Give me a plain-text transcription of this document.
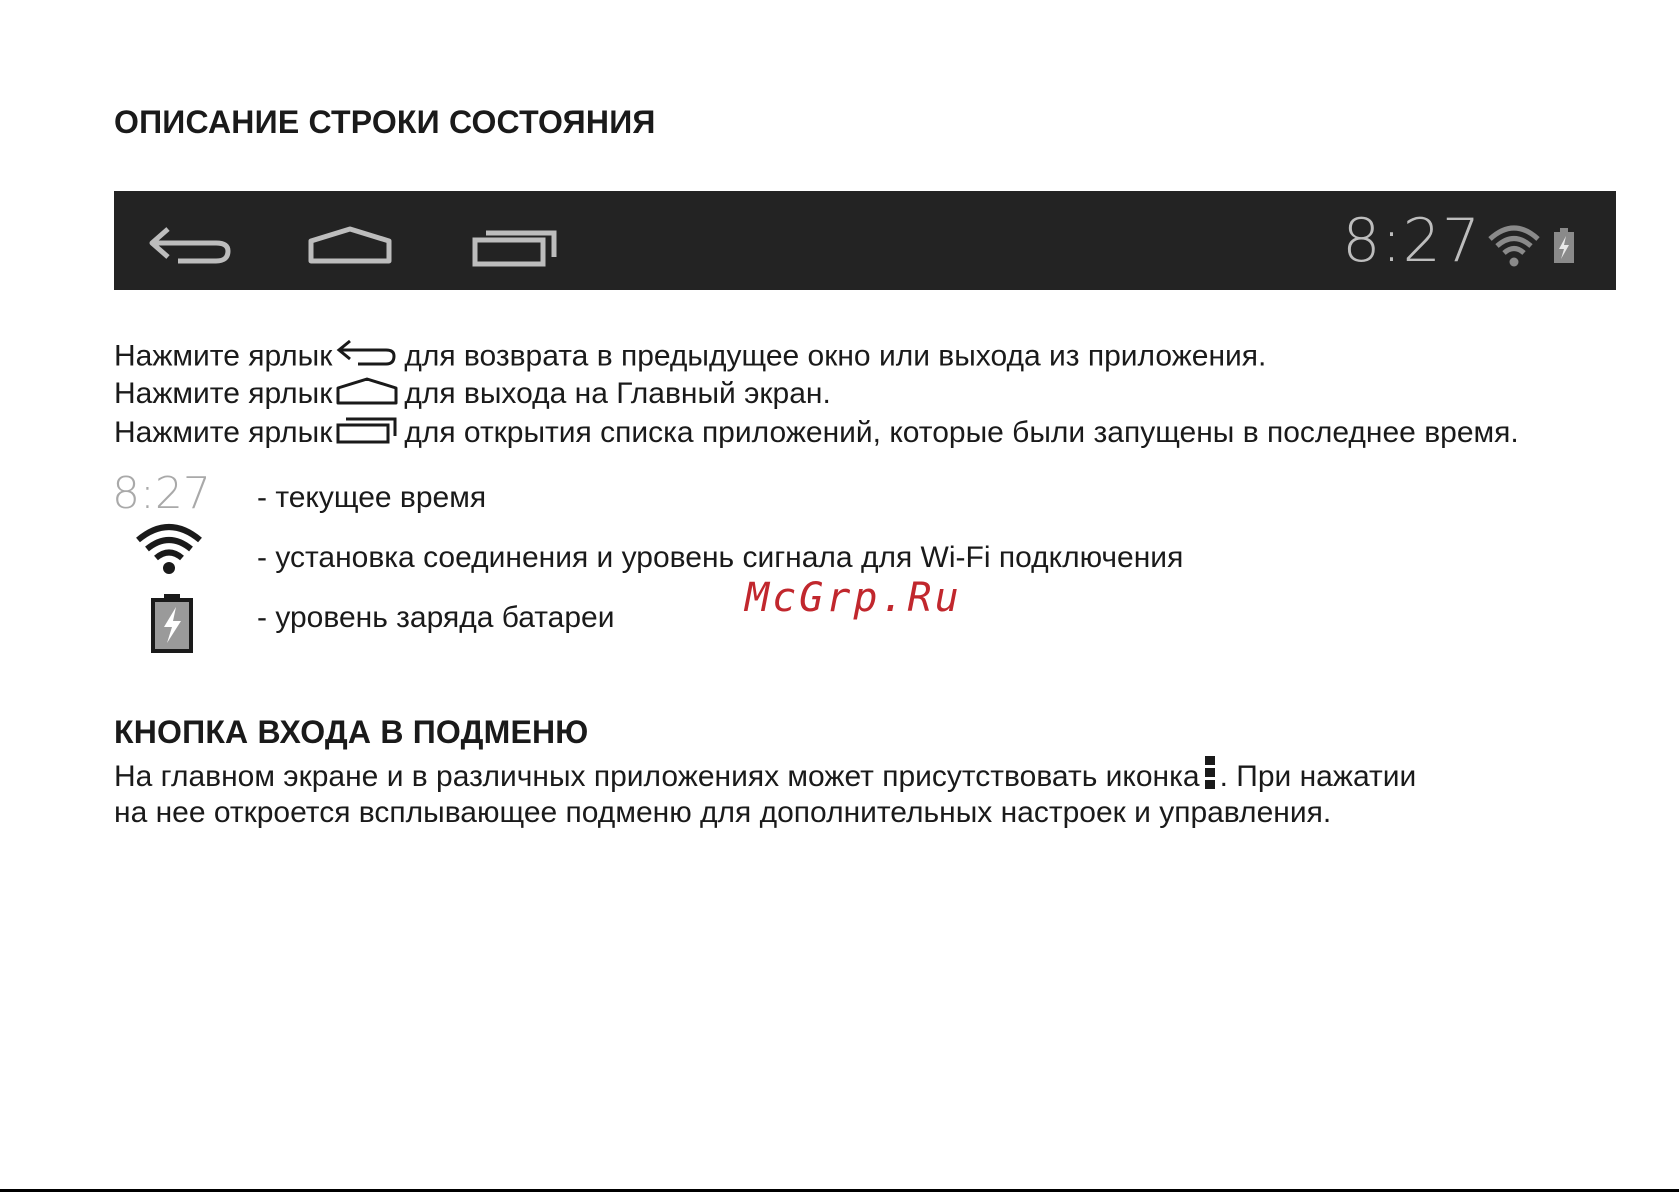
ОПИСАНИЕ СТРОКИ СОСТОЯНИЯ
8:27

Нажмите ярлык для возврата в предыдущее окно или выхода из приложения.

Нажмите ярлык для выхода на Главный экран.

Нажмите ярлык для открытия списка приложений, которые были запущены в последнее время.

8:27 - текущее время

- установка соединения и уровень сигнала для Wi-Fi подключения

- уровень заряда батареи	McGrp.Ru
КНОПКА ВХОДА В ПОДМЕНЮ

На главном экране и в различных приложениях может присутствовать иконка . При нажатии

на нее откроется всплывающее подменю для дополнительных настроек и управления.
